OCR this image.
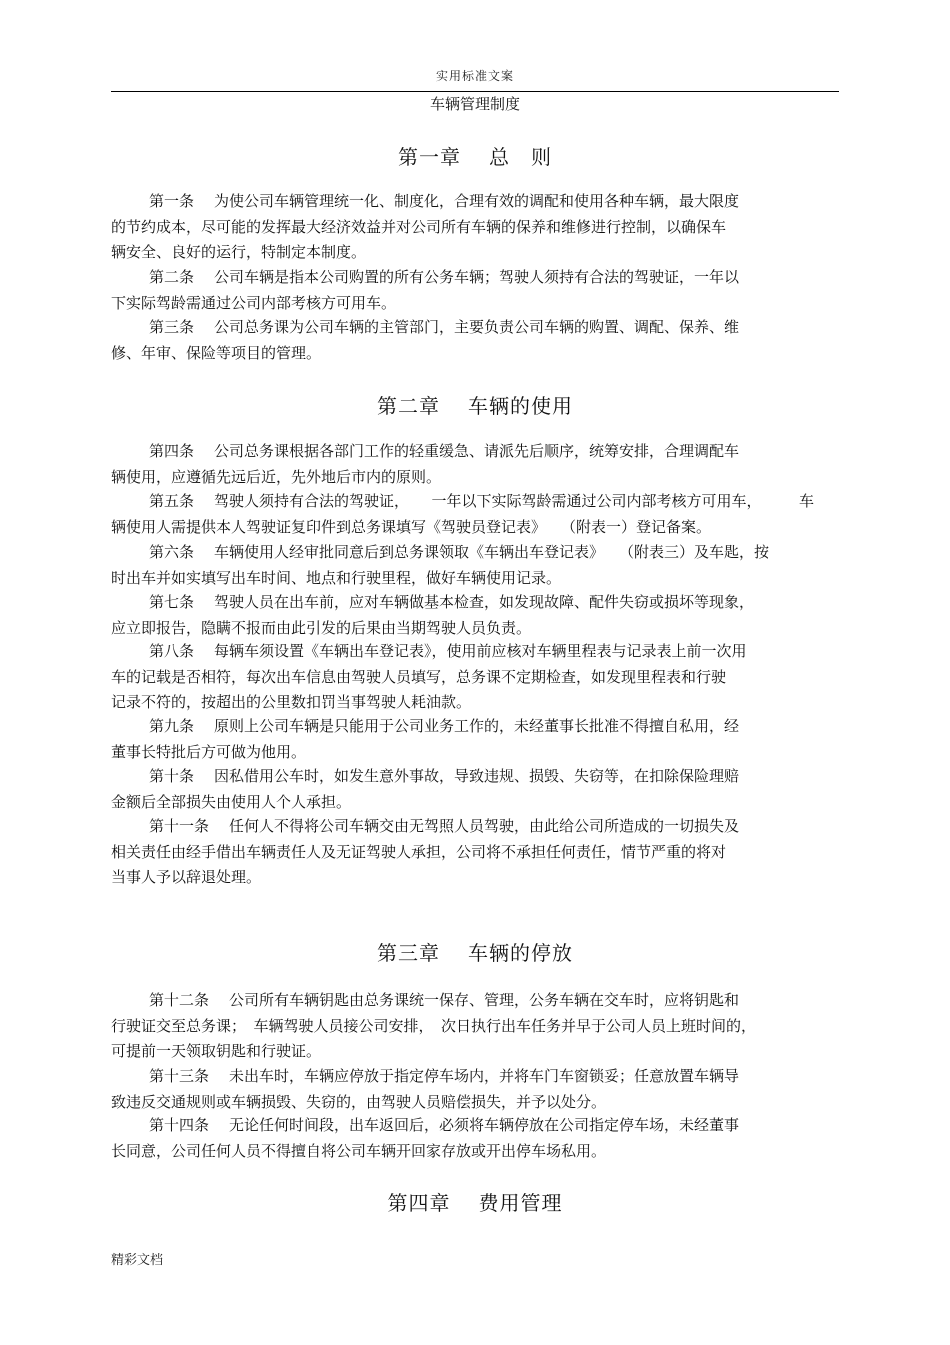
实用标准文案
车辆管理制度
第一章 总　则
第一条 为使公司车辆管理统一化、制度化，合理有效的调配和使用各种车辆，最大限度
的节约成本，尽可能的发挥最大经济效益并对公司所有车辆的保养和维修进行控制，以确保车
辆安全、良好的运行，特制定本制度。
第二条 公司车辆是指本公司购置的所有公务车辆；驾驶人须持有合法的驾驶证，一年以
下实际驾龄需通过公司内部考核方可用车。
第三条 公司总务课为公司车辆的主管部门，主要负责公司车辆的购置、调配、保养、维
修、年审、保险等项目的管理。
第二章 车辆的使用
第四条 公司总务课根据各部门工作的轻重缓急、请派先后顺序，统筹安排，合理调配车
辆使用，应遵循先远后近，先外地后市内的原则。
第五条 驾驶人须持有合法的驾驶证，　　一年以下实际驾龄需通过公司内部考核方可用车，　　　车
辆使用人需提供本人驾驶证复印件到总务课填写《驾驶员登记表》　　（附表一）登记备案。
第六条 车辆使用人经审批同意后到总务课领取《车辆出车登记表》　　（附表三）及车匙，按
时出车并如实填写出车时间、地点和行驶里程，做好车辆使用记录。
第七条 驾驶人员在出车前，应对车辆做基本检查，如发现故障、配件失窃或损坏等现象，
应立即报告，隐瞒不报而由此引发的后果由当期驾驶人员负责。
第八条 每辆车须设置《车辆出车登记表》，使用前应核对车辆里程表与记录表上前一次用
车的记载是否相符，每次出车信息由驾驶人员填写，总务课不定期检查，如发现里程表和行驶
记录不符的，按超出的公里数扣罚当事驾驶人耗油款。
第九条 原则上公司车辆是只能用于公司业务工作的，未经董事长批准不得擅自私用，经
董事长特批后方可做为他用。
第十条 因私借用公车时，如发生意外事故，导致违规、损毁、失窃等，在扣除保险理赔
金额后全部损失由使用人个人承担。
第十一条 任何人不得将公司车辆交由无驾照人员驾驶，由此给公司所造成的一切损失及
相关责任由经手借出车辆责任人及无证驾驶人承担，公司将不承担任何责任，情节严重的将对
当事人予以辞退处理。
第三章 车辆的停放
第十二条 公司所有车辆钥匙由总务课统一保存、管理，公务车辆在交车时，应将钥匙和
行驶证交至总务课；　车辆驾驶人员接公司安排，　次日执行出车任务并早于公司人员上班时间的，
可提前一天领取钥匙和行驶证。
第十三条 未出车时，车辆应停放于指定停车场内，并将车门车窗锁妥；任意放置车辆导
致违反交通规则或车辆损毁、失窃的，由驾驶人员赔偿损失，并予以处分。
第十四条 无论任何时间段，出车返回后，必须将车辆停放在公司指定停车场，未经董事
长同意，公司任何人员不得擅自将公司车辆开回家存放或开出停车场私用。
第四章 费用管理
精彩文档
